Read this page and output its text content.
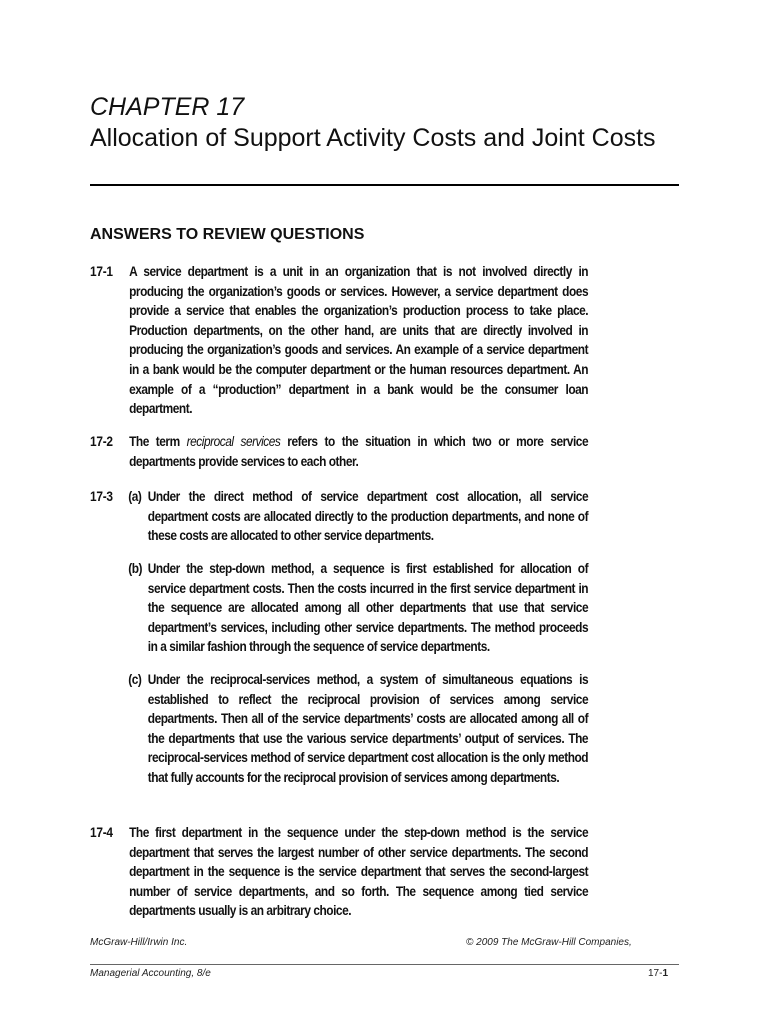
CHAPTER 17
Allocation of Support Activity Costs and Joint Costs
ANSWERS TO REVIEW QUESTIONS
17-1 A service department is a unit in an organization that is not involved directly in producing the organization’s goods or services. However, a service department does provide a service that enables the organization’s production process to take place. Production departments, on the other hand, are units that are directly involved in producing the organization’s goods and services. An example of a service department in a bank would be the computer department or the human resources department. An example of a “production” department in a bank would be the consumer loan department.
17-2 The term reciprocal services refers to the situation in which two or more service departments provide services to each other.
17-3 (a) Under the direct method of service department cost allocation, all service department costs are allocated directly to the production departments, and none of these costs are allocated to other service departments.
(b) Under the step-down method, a sequence is first established for allocation of service department costs. Then the costs incurred in the first service department in the sequence are allocated among all other departments that use that service department’s services, including other service departments. The method proceeds in a similar fashion through the sequence of service departments.
(c) Under the reciprocal-services method, a system of simultaneous equations is established to reflect the reciprocal provision of services among service departments. Then all of the service departments’ costs are allocated among all of the departments that use the various service departments’ output of services. The reciprocal-services method of service department cost allocation is the only method that fully accounts for the reciprocal provision of services among departments.
17-4 The first department in the sequence under the step-down method is the service department that serves the largest number of other service departments. The second department in the sequence is the service department that serves the second-largest number of service departments, and so forth. The sequence among tied service departments usually is an arbitrary choice.
McGraw-Hill/Irwin Inc.	© 2009 The McGraw-Hill Companies,
Managerial Accounting, 8/e	17-1
